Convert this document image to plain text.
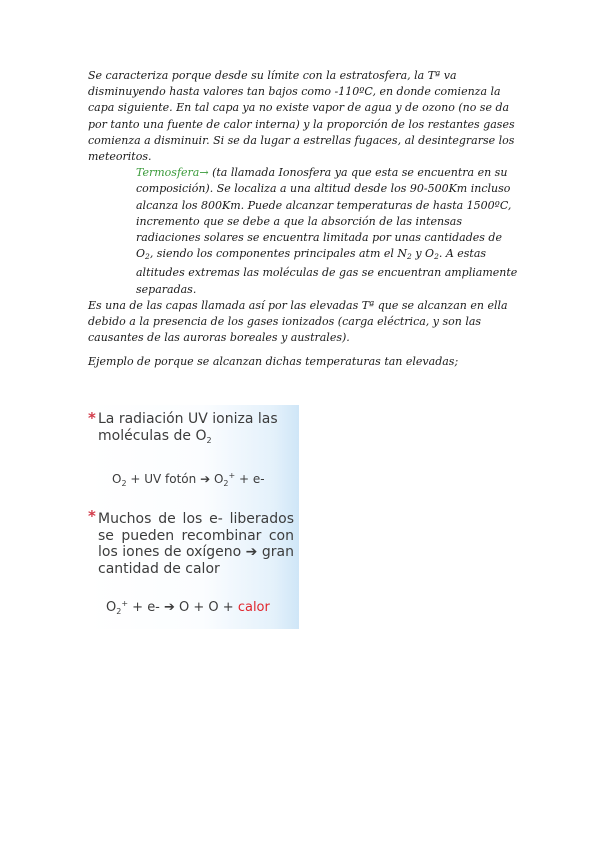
Se caracteriza porque desde su límite con la estratosfera, la Tª va disminuyendo hasta valores tan bajos como -110ºC, en donde comienza la capa siguiente. En tal capa ya no existe vapor de agua y de ozono (no se da por tanto una fuente de calor interna) y la proporción de los restantes gases comienza a disminuir. Si se da lugar a estrellas fugaces, al desintegrarse los meteoritos.

Termosfera→ (ta llamada Ionosfera ya que esta se encuentra en su composición). Se localiza a una altitud desde los 90-500Km incluso alcanza los 800Km. Puede alcanzar temperaturas de hasta 1500ºC, incremento que se debe a que la absorción de las intensas radiaciones solares se encuentra limitada por unas cantidades de $O_2$, siendo los componentes principales atm el $N_2$ y $O_2$. A estas altitudes extremas las moléculas de gas se encuentran ampliamente separadas.

Es una de las capas llamada así por las elevadas Tª que se alcanzan en ella debido a la presencia de los gases ionizados (carga eléctrica, y son las causantes de las auroras boreales y australes).

Ejemplo de porque se alcanzan dichas temperaturas tan elevadas;

* La radiación UV ioniza las moléculas de $O_2$
$O_2$ + UV fotón ➔ $O_2^+ + e-$
* Muchos de los e- liberados se pueden recombinar con los iones de oxígeno ➔ gran cantidad de calor
$O_2^+ + e-$ ➔ O + O + calor
